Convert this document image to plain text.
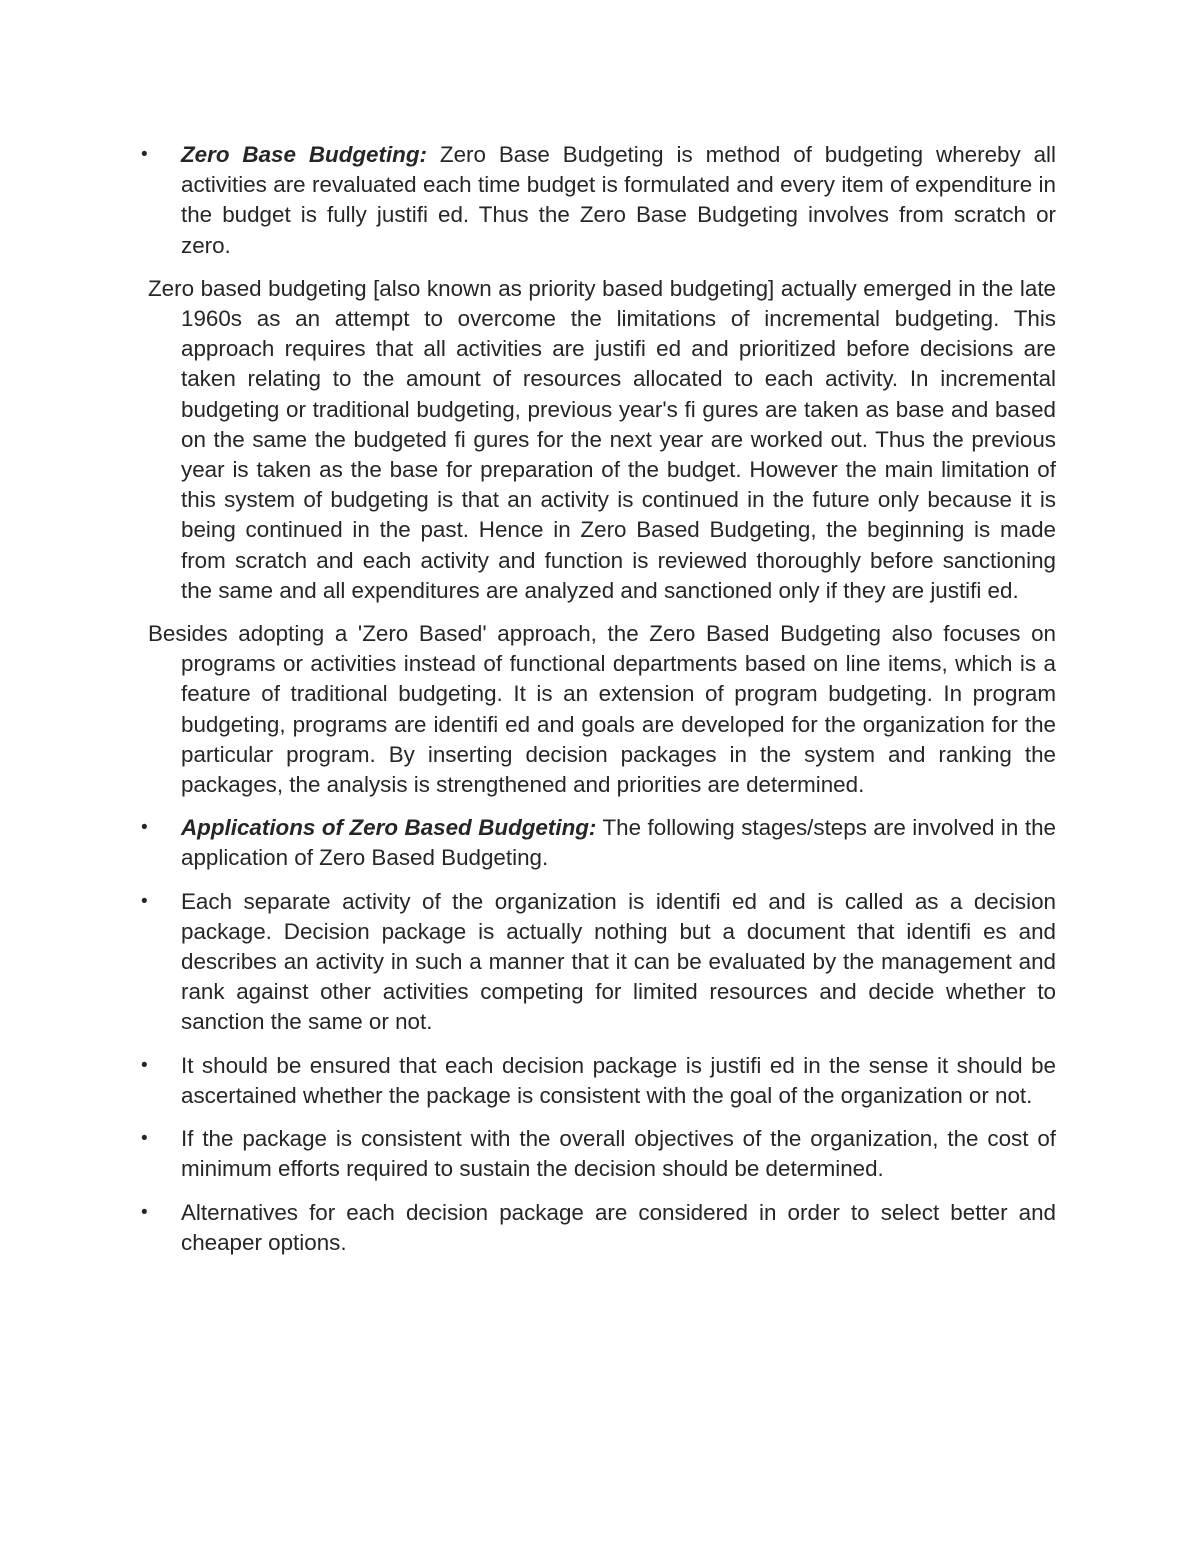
•	Zero Base Budgeting: Zero Base Budgeting is method of budgeting whereby all activities are revaluated each time budget is formulated and every item of expenditure in the budget is fully justifi ed. Thus the Zero Base Budgeting involves from scratch or zero.
Zero based budgeting [also known as priority based budgeting] actually emerged in the late 1960s as an attempt to overcome the limitations of incremental budgeting. This approach requires that all activities are justifi ed and prioritized before decisions are taken relating to the amount of resources allocated to each activity. In incremental budgeting or traditional budgeting, previous year's fi gures are taken as base and based on the same the budgeted fi gures for the next year are worked out. Thus the previous year is taken as the base for preparation of the budget. However the main limitation of this system of budgeting is that an activity is continued in the future only because it is being continued in the past. Hence in Zero Based Budgeting, the beginning is made from scratch and each activity and function is reviewed thoroughly before sanctioning the same and all expenditures are analyzed and sanctioned only if they are justifi ed.
Besides adopting a 'Zero Based' approach, the Zero Based Budgeting also focuses on programs or activities instead of functional departments based on line items, which is a feature of traditional budgeting. It is an extension of program budgeting. In program budgeting, programs are identifi ed and goals are developed for the organization for the particular program. By inserting decision packages in the system and ranking the packages, the analysis is strengthened and priorities are determined.
•	Applications of Zero Based Budgeting: The following stages/steps are involved in the application of Zero Based Budgeting.
•	Each separate activity of the organization is identifi ed and is called as a decision package. Decision package is actually nothing but a document that identifi es and describes an activity in such a manner that it can be evaluated by the management and rank against other activities competing for limited resources and decide whether to sanction the same or not.
•	It should be ensured that each decision package is justifi ed in the sense it should be ascertained whether the package is consistent with the goal of the organization or not.
•	If the package is consistent with the overall objectives of the organization, the cost of minimum efforts required to sustain the decision should be determined.
•	Alternatives for each decision package are considered in order to select better and cheaper options.
